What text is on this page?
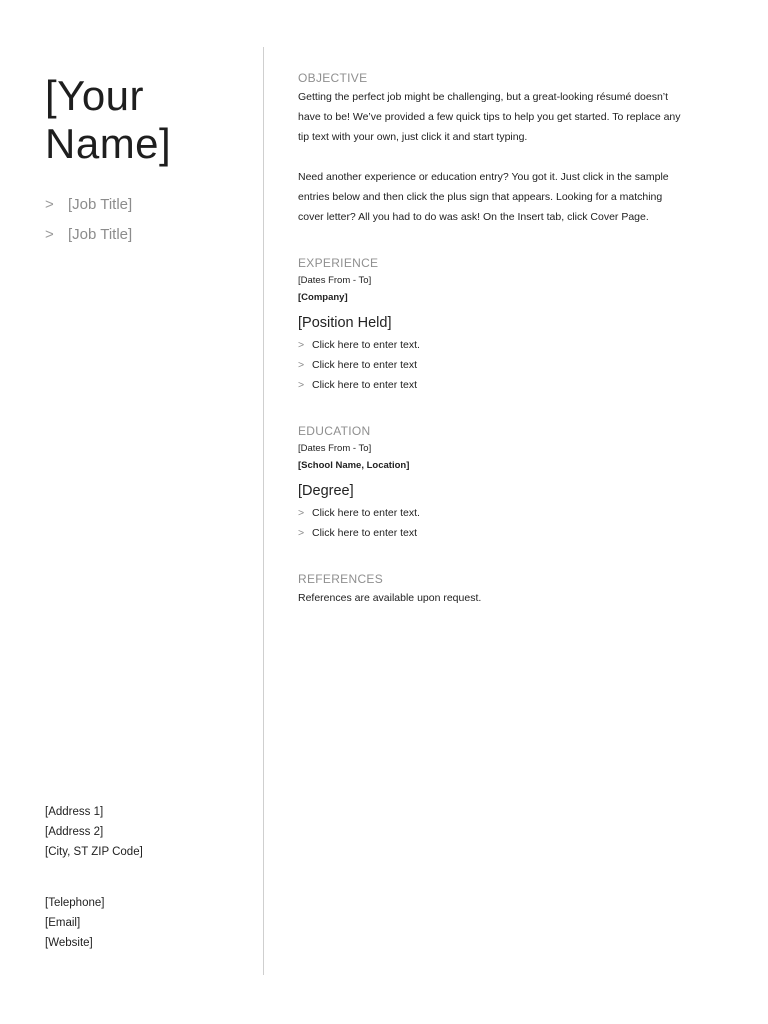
[Your
Name]
> [Job Title]
> [Job Title]
[Address 1]
[Address 2]
[City, ST ZIP Code]
[Telephone]
[Email]
[Website]
OBJECTIVE
Getting the perfect job might be challenging, but a great-looking résumé doesn’t
have to be! We’ve provided a few quick tips to help you get started. To replace any
tip text with your own, just click it and start typing.
Need another experience or education entry? You got it. Just click in the sample
entries below and then click the plus sign that appears. Looking for a matching
cover letter? All you had to do was ask! On the Insert tab, click Cover Page.
EXPERIENCE
[Dates From - To]
[Company]
[Position Held]
> Click here to enter text.
> Click here to enter text
> Click here to enter text
EDUCATION
[Dates From - To]
[School Name, Location]
[Degree]
> Click here to enter text.
> Click here to enter text
REFERENCES
References are available upon request.
